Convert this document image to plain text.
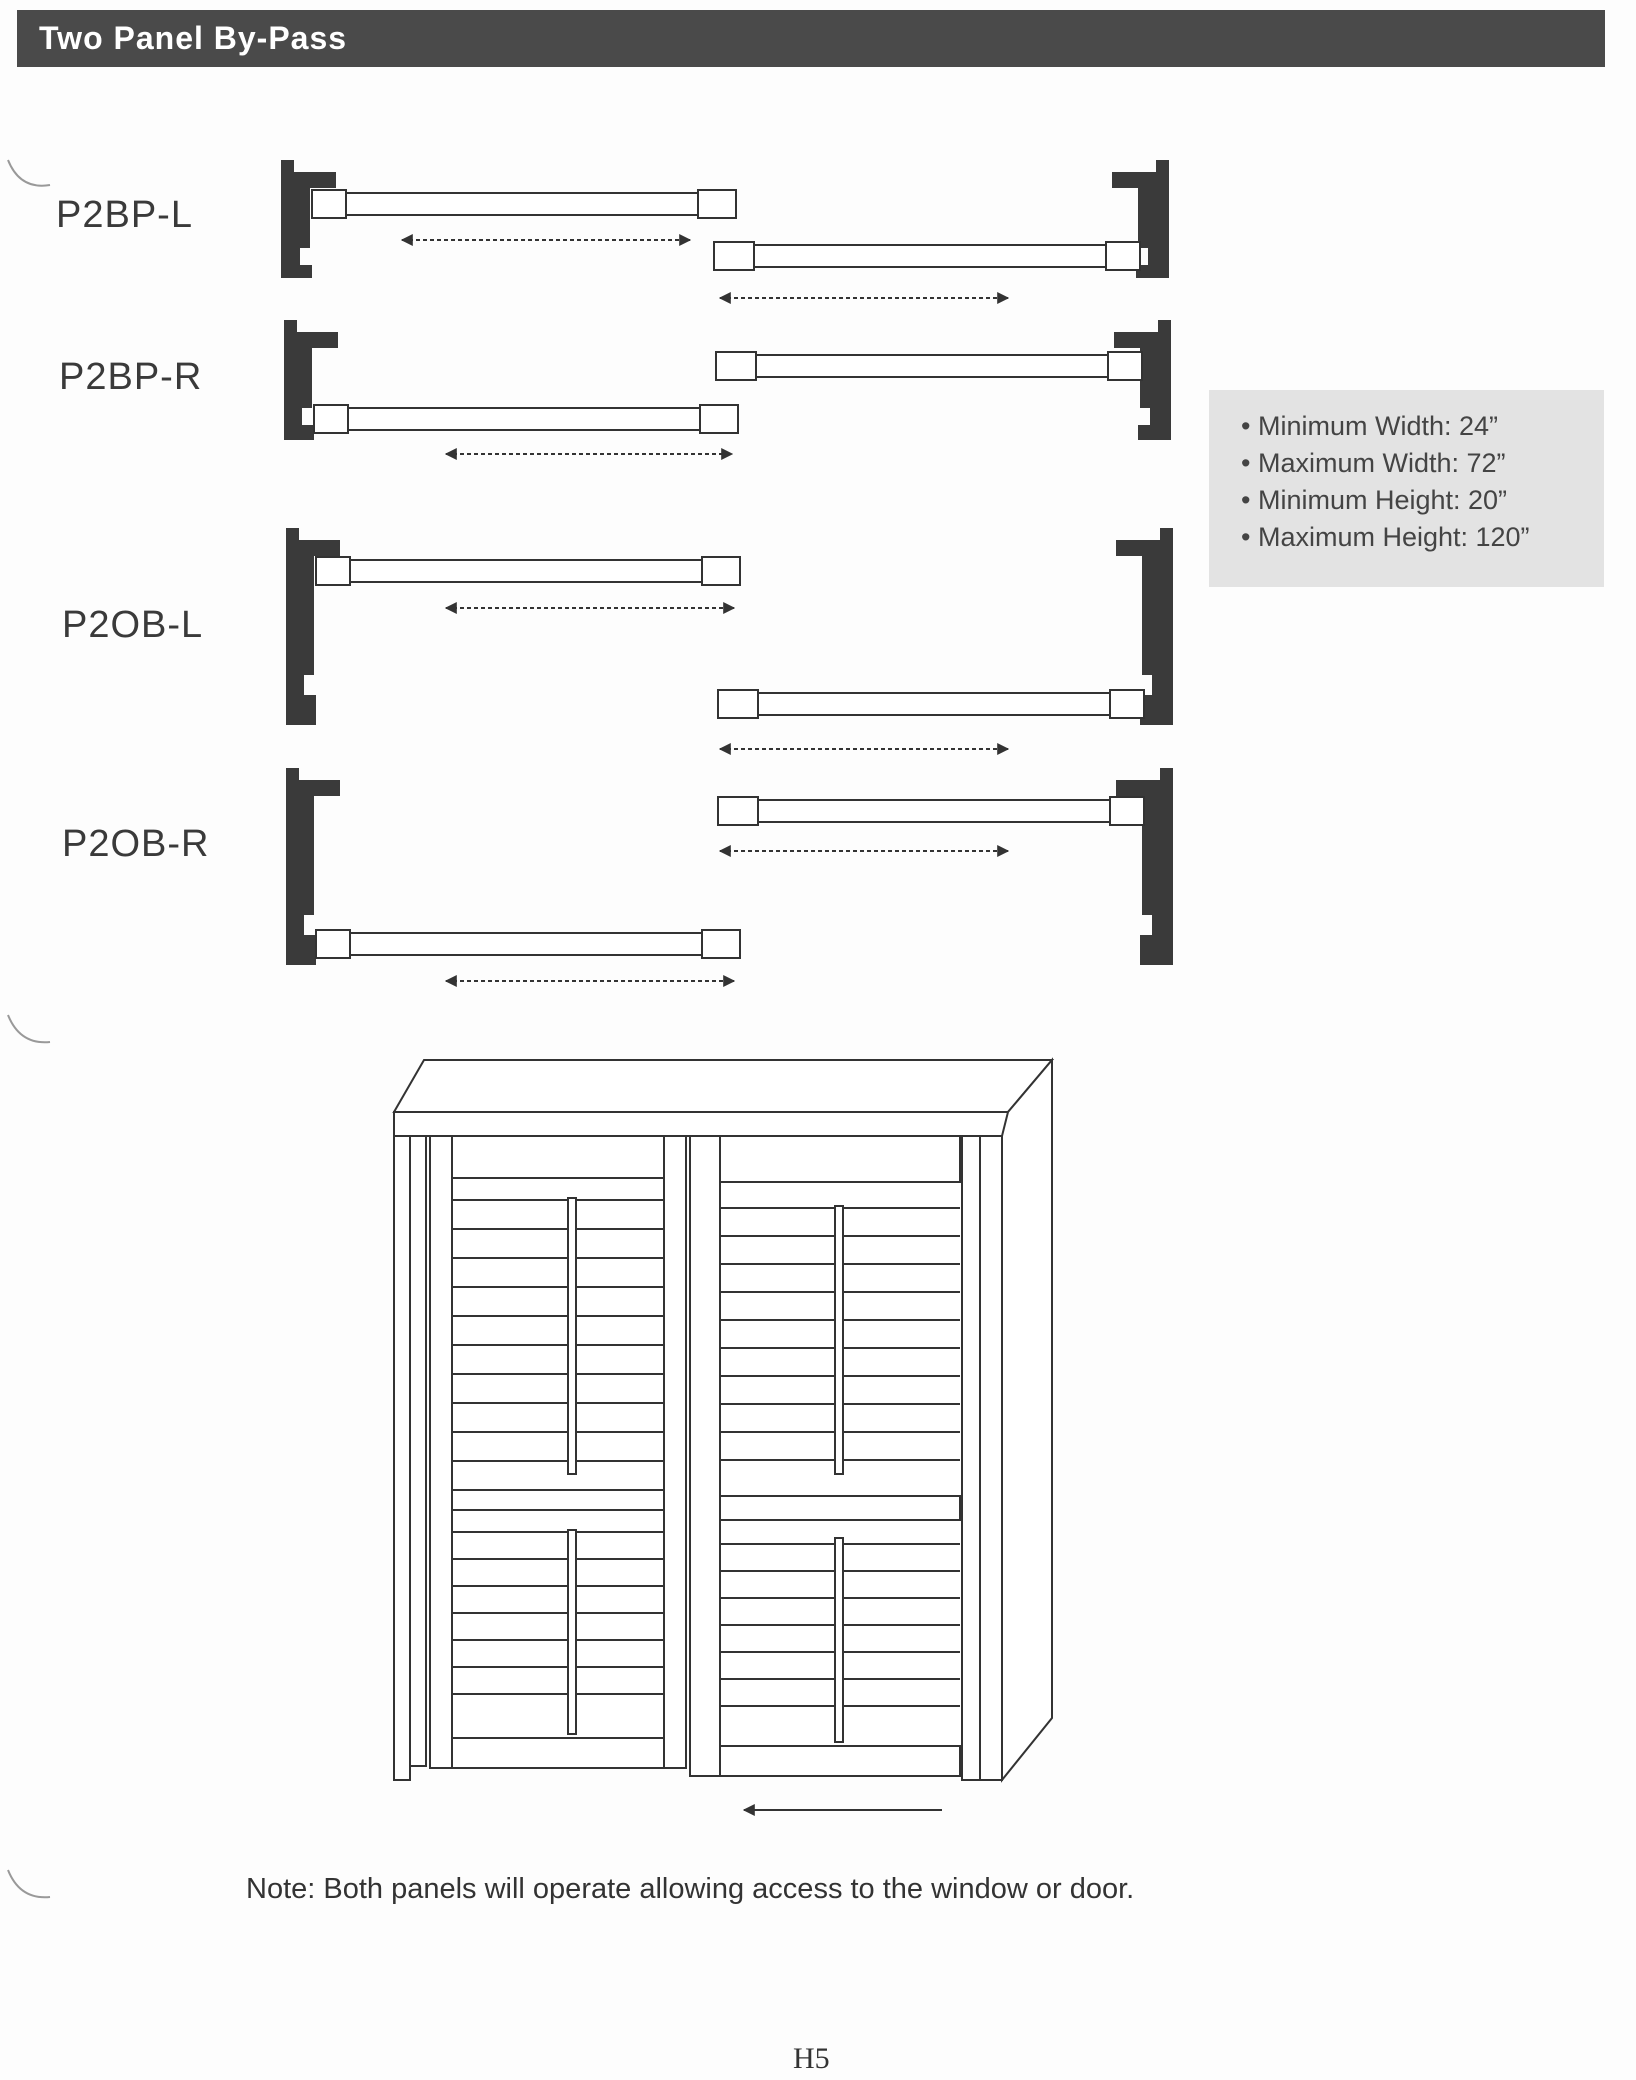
Two Panel By-Pass
P2BP-L
P2BP-R
P2OB-L
P2OB-R
• Minimum Width: 24”
• Maximum Width: 72”
• Minimum Height: 20”
• Maximum Height: 120”
Note: Both panels will operate allowing access to the window or door.
H5
